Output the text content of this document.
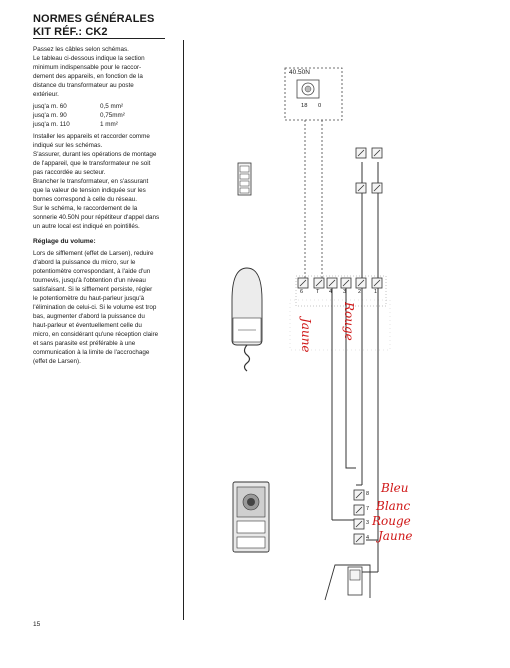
NORMES GÉNÉRALES
KIT RÉF.: CK2
Passez les câbles selon schémas.
Le tableau ci-dessous indique la section
minimum indispensable pour le raccor-
dement des appareils, en fonction de la
distance du transformateur au poste
extérieur.
jusq'a m. 60	0,5 mm²
jusq'a m. 90	0,75mm²
jusq'a m. 110	1 mm²
Installer les appareils et raccorder comme
indiqué sur les schémas.
S'assurer, durant les opérations de montage
de l'appareil, que le transformateur ne soit
pas raccordée au secteur.
Brancher le transformateur, en s'assurant
que la valeur de tension indiquée sur les
bornes correspond à celle du réseau.
Sur le schéma, le raccordement de la
sonnerie 40.50N pour répétiteur d'appel dans
un autre local est indiqué en pointillés.
Réglage du volume:
Lors de sifflement (effet de Larsen), reduire
d'abord la puissance du micro, sur le
potentiomètre correspondant, à l'aide d'un
tournevis, jusqu'à l'obtention d'un niveau
satisfaisant. Si le sifflement persiste, régler
le potentiomètre du haut-parleur jusqu'à
l'élimination de celui-ci. Si le volume est trop
bas, augmenter d'abord la puissance du
haut-parleur et éventuellement celle du
micro, en considérant qu'une réception claire
et sans parasite est préférable à une
communication à la limite de l'accrochage
(effet de Larsen).
40.50N
18 0
6 T 4 3 2 1
8
7
3
4
Jaune Rouge
Bleu
Blanc
Rouge
Jaune
15
